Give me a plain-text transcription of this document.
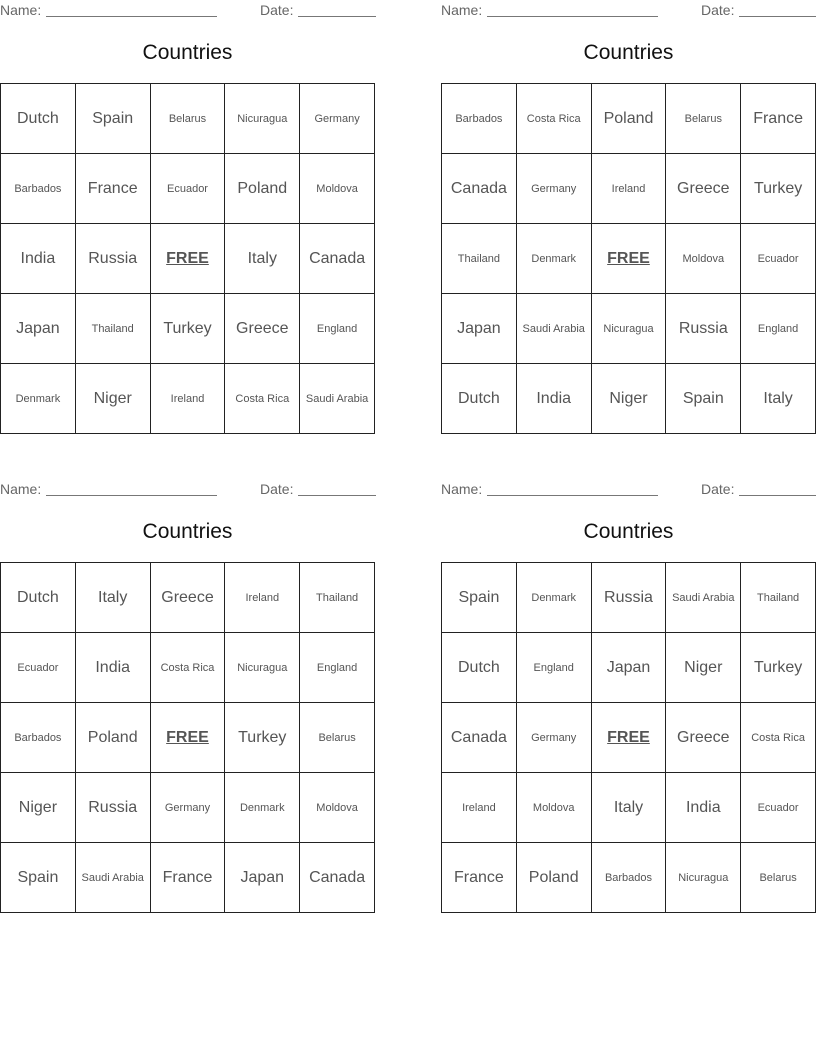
Name:	Date:
Countries
Dutch	Spain	Belarus	Nicuragua	Germany
Barbados	France	Ecuador	Poland	Moldova
India	Russia	FREE	Italy	Canada
Japan	Thailand	Turkey	Greece	England
Denmark	Niger	Ireland	Costa Rica	Saudi Arabia
Name:	Date:
Countries
Barbados	Costa Rica	Poland	Belarus	France
Canada	Germany	Ireland	Greece	Turkey
Thailand	Denmark	FREE	Moldova	Ecuador
Japan	Saudi Arabia	Nicuragua	Russia	England
Dutch	India	Niger	Spain	Italy
Name:	Date:
Countries
Dutch	Italy	Greece	Ireland	Thailand
Ecuador	India	Costa Rica	Nicuragua	England
Barbados	Poland	FREE	Turkey	Belarus
Niger	Russia	Germany	Denmark	Moldova
Spain	Saudi Arabia	France	Japan	Canada
Name:	Date:
Countries
Spain	Denmark	Russia	Saudi Arabia	Thailand
Dutch	England	Japan	Niger	Turkey
Canada	Germany	FREE	Greece	Costa Rica
Ireland	Moldova	Italy	India	Ecuador
France	Poland	Barbados	Nicuragua	Belarus
